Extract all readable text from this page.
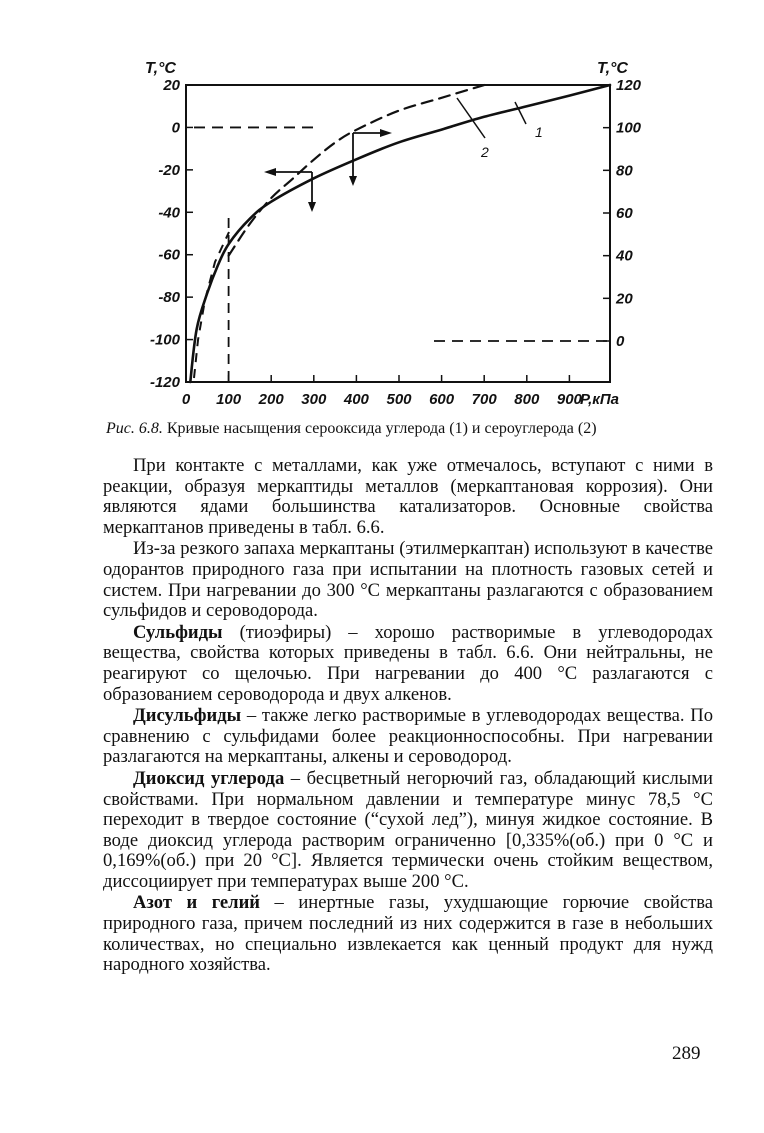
0 100 200 300 400 500 600 700 800 900
20
0
-20
-40
-60
-80
-100
-120
120
100
80
60
40
20
0
T,°C	T,°C
P,кПа
1
2
Рис. 6.8. Кривые насыщения серооксида углерода (1) и сероуглерода (2)

При контакте с металлами, как уже отмечалось, вступают с ними в реакции, образуя меркаптиды металлов (меркаптановая коррозия). Они являются ядами большинства катализаторов. Основные свойства меркаптанов приведены в табл. 6.6.

Из-за резкого запаха меркаптаны (этилмеркаптан) используют в качестве одорантов природного газа при испытании на плотность газовых сетей и систем. При нагревании до 300 °С меркаптаны разлагаются с образованием сульфидов и сероводорода.

Сульфиды (тиоэфиры) – хорошо растворимые в углеводородах вещества, свойства которых приведены в табл. 6.6. Они нейтральны, не реагируют со щелочью. При нагревании до 400 °С разлагаются с образованием сероводорода и двух алкенов.

Дисульфиды – также легко растворимые в углеводородах вещества. По сравнению с сульфидами более реакционноспособны. При нагревании разлагаются на меркаптаны, алкены и сероводород.

Диоксид углерода – бесцветный негорючий газ, обладающий кислыми свойствами. При нормальном давлении и температуре минус 78,5 °С переходит в твердое состояние (“сухой лед”), минуя жидкое состояние. В воде диоксид углерода растворим ограниченно [0,335%(об.) при 0 °С и 0,169%(об.) при 20 °С]. Является термически очень стойким веществом, диссоциирует при температурах выше 200 °С.

Азот и гелий – инертные газы, ухудшающие горючие свойства природного газа, причем последний из них содержится в газе в небольших количествах, но специально извлекается как ценный продукт для нужд народного хозяйства.

289
